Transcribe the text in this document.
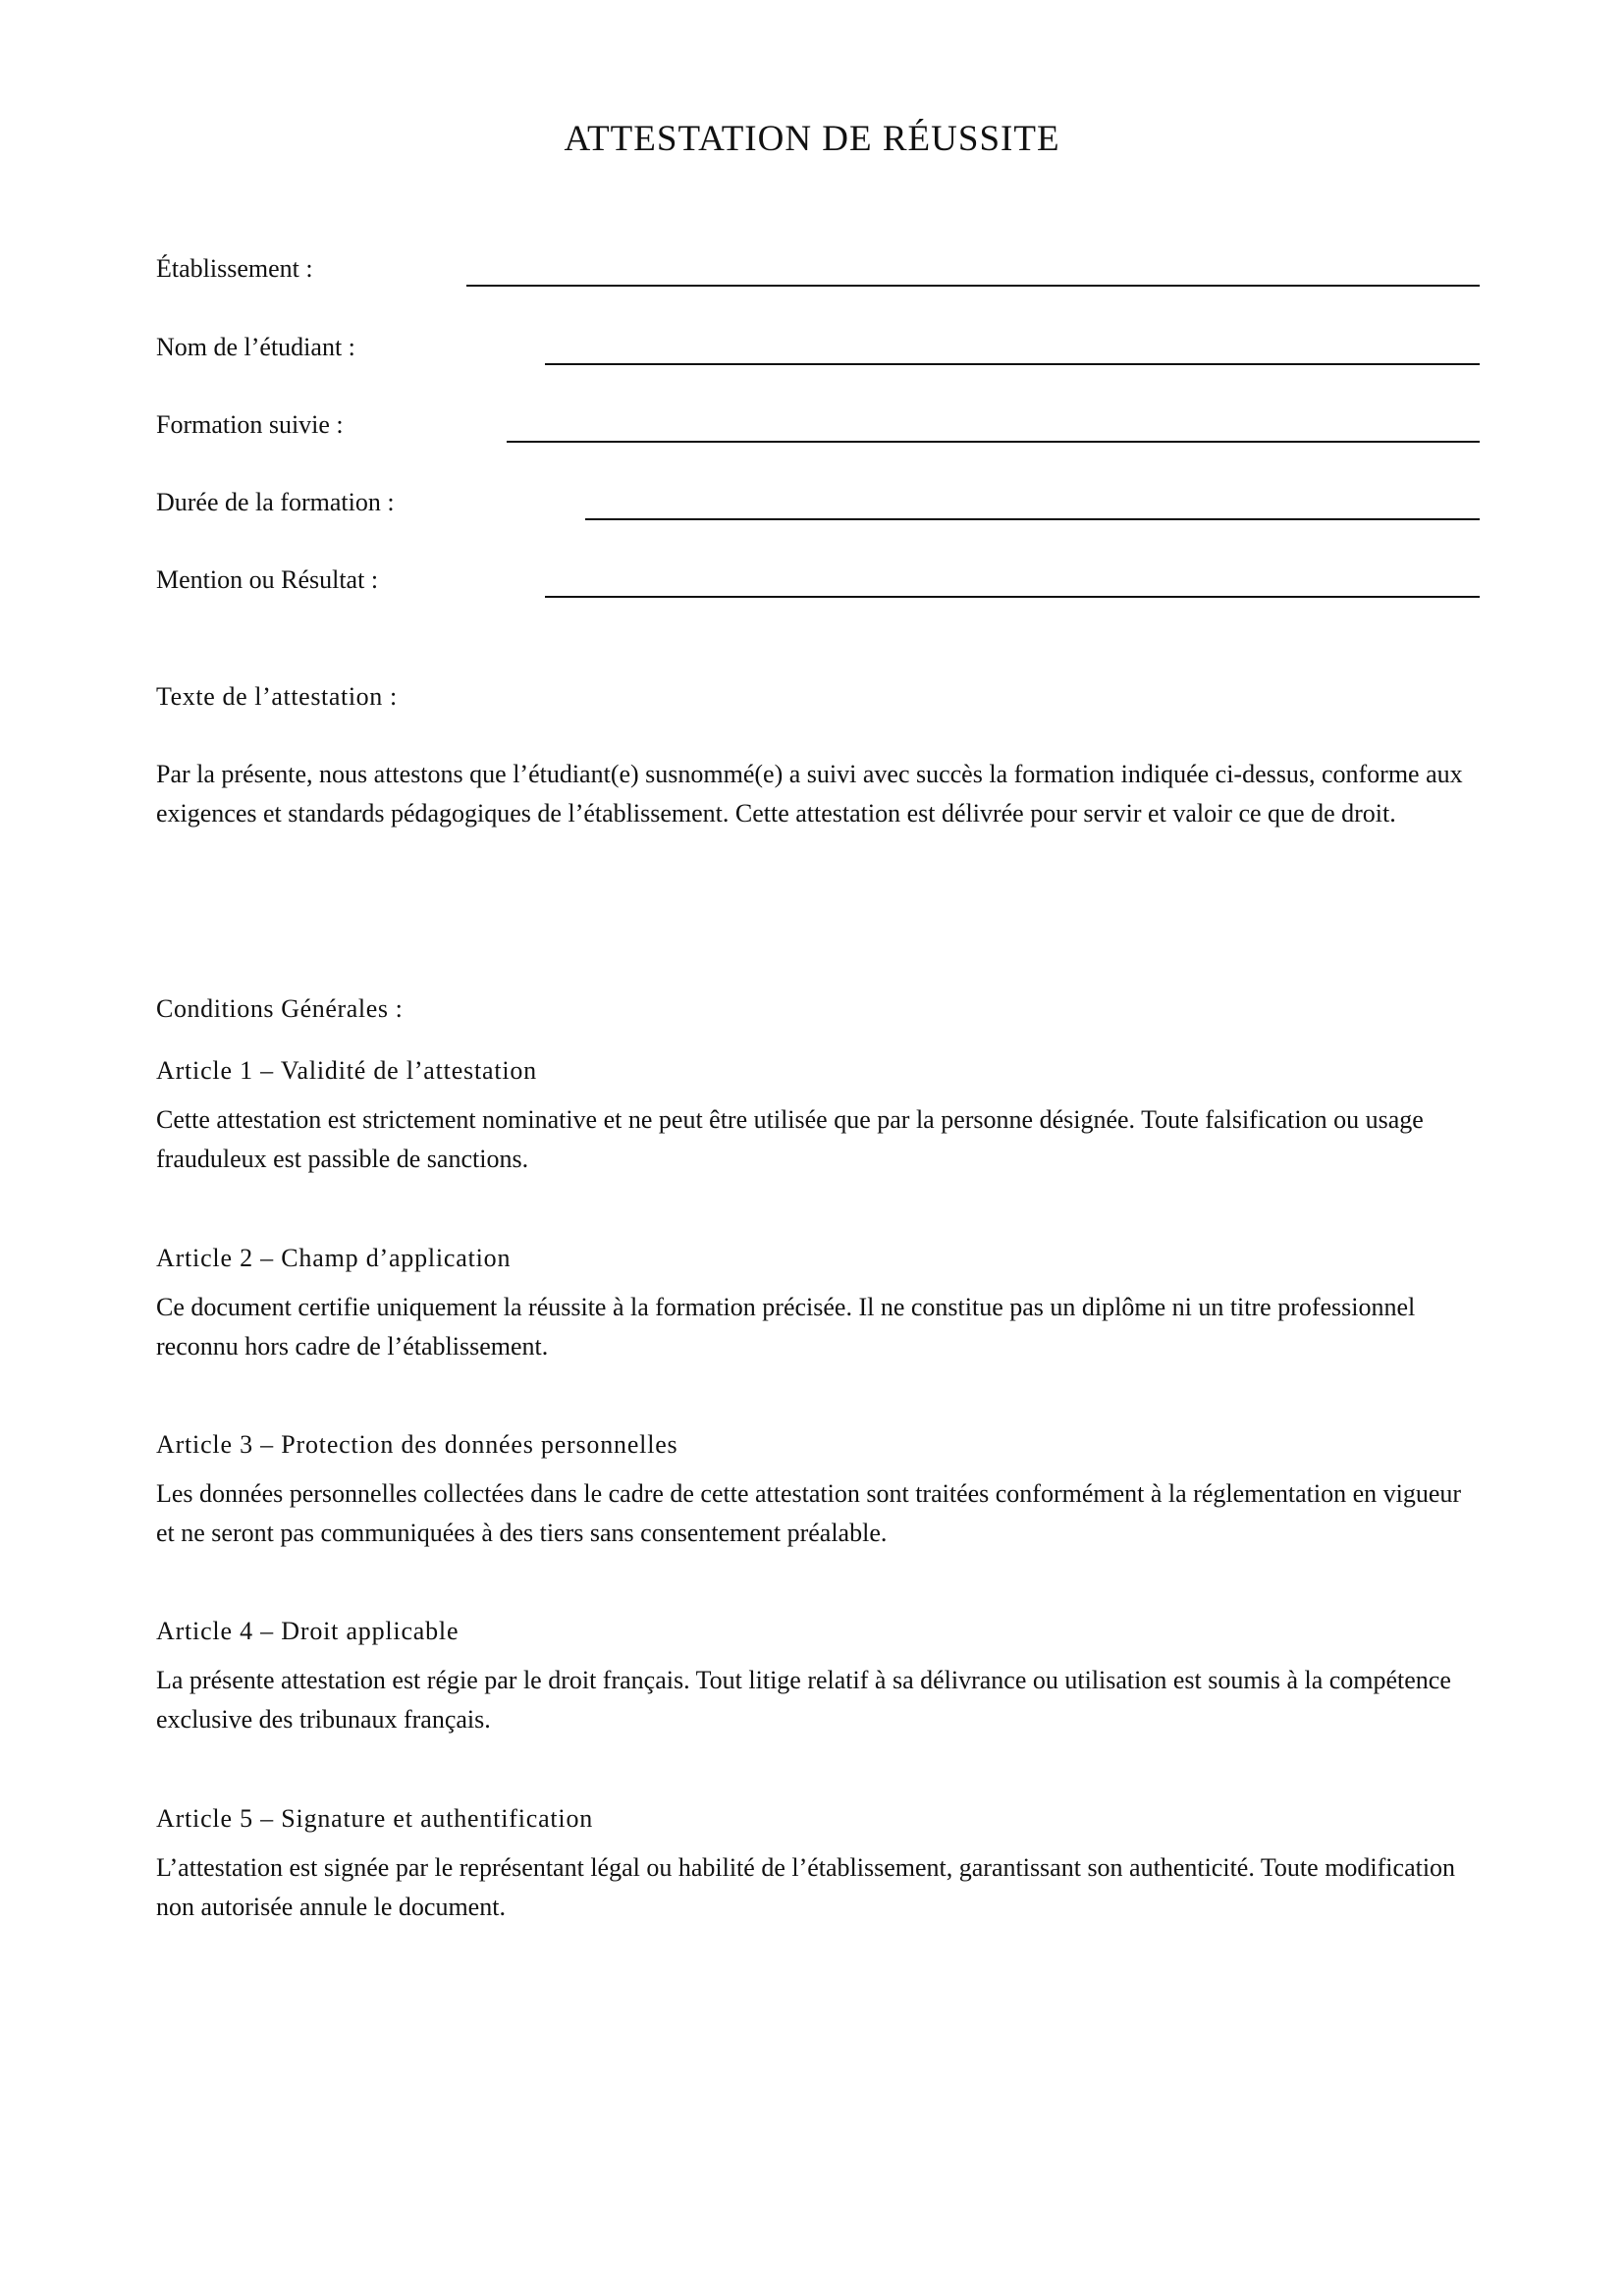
ATTESTATION DE RÉUSSITE
Établissement :
Nom de l’étudiant :
Formation suivie :
Durée de la formation :
Mention ou Résultat :
Texte de l’attestation :

Par la présente, nous attestons que l’étudiant(e) susnommé(e) a suivi avec succès la formation indiquée ci-dessus, conforme aux exigences et standards pédagogiques de l’établissement. Cette attestation est délivrée pour servir et valoir ce que de droit.

Conditions Générales :
Article 1 – Validité de l’attestation

Cette attestation est strictement nominative et ne peut être utilisée que par la personne désignée. Toute falsification ou usage frauduleux est passible de sanctions.

Article 2 – Champ d’application

Ce document certifie uniquement la réussite à la formation précisée. Il ne constitue pas un diplôme ni un titre professionnel reconnu hors cadre de l’établissement.

Article 3 – Protection des données personnelles

Les données personnelles collectées dans le cadre de cette attestation sont traitées conformément à la réglementation en vigueur et ne seront pas communiquées à des tiers sans consentement préalable.

Article 4 – Droit applicable

La présente attestation est régie par le droit français. Tout litige relatif à sa délivrance ou utilisation est soumis à la compétence exclusive des tribunaux français.

Article 5 – Signature et authentification

L’attestation est signée par le représentant légal ou habilité de l’établissement, garantissant son authenticité. Toute modification non autorisée annule le document.
